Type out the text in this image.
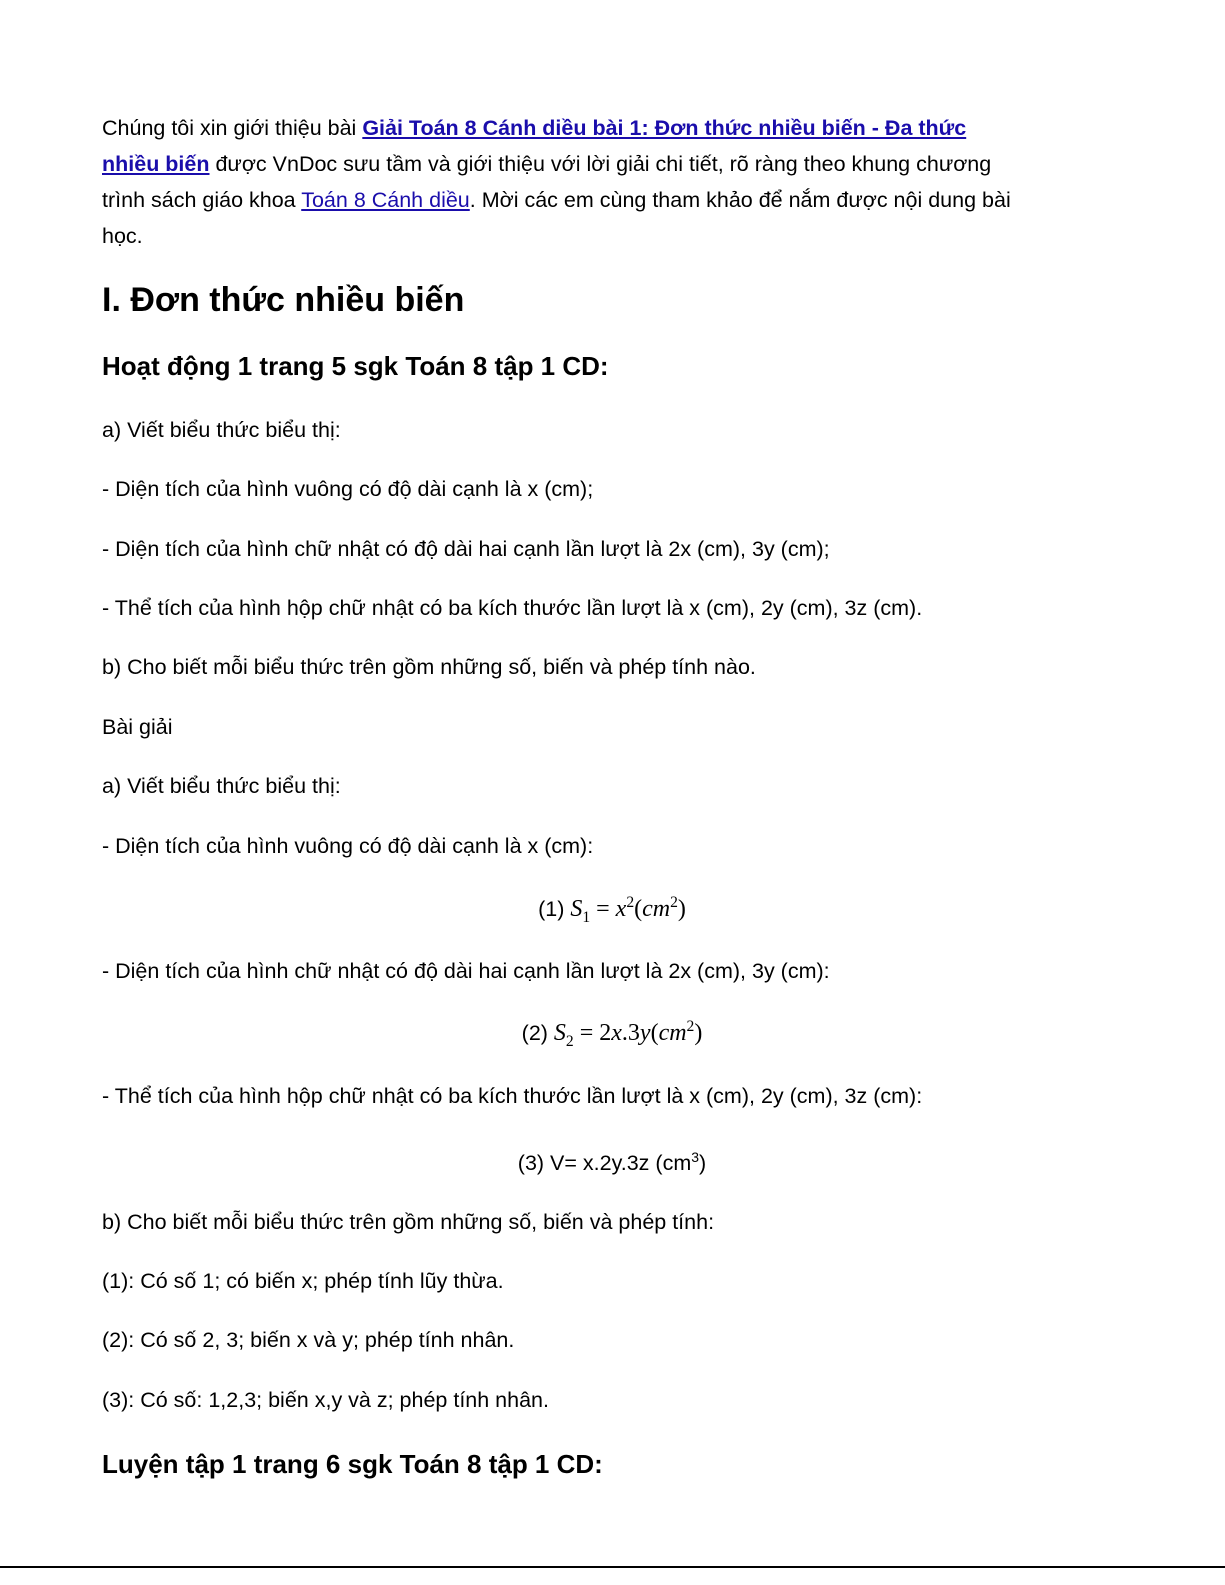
Chúng tôi xin giới thiệu bài Giải Toán 8 Cánh diều bài 1: Đơn thức nhiều biến - Đa thức
nhiều biến được VnDoc sưu tầm và giới thiệu với lời giải chi tiết, rõ ràng theo khung chương
trình sách giáo khoa Toán 8 Cánh diều. Mời các em cùng tham khảo để nắm được nội dung bài
học.
I. Đơn thức nhiều biến
Hoạt động 1 trang 5 sgk Toán 8 tập 1 CD:
a) Viết biểu thức biểu thị:
- Diện tích của hình vuông có độ dài cạnh là x (cm);
- Diện tích của hình chữ nhật có độ dài hai cạnh lần lượt là 2x (cm), 3y (cm);
- Thể tích của hình hộp chữ nhật có ba kích thước lần lượt là x (cm), 2y (cm), 3z (cm).
b) Cho biết mỗi biểu thức trên gồm những số, biến và phép tính nào.
Bài giải
a) Viết biểu thức biểu thị:
- Diện tích của hình vuông có độ dài cạnh là x (cm):
(1) $S_1 = x^2(cm^2)$
- Diện tích của hình chữ nhật có độ dài hai cạnh lần lượt là 2x (cm), 3y (cm):
(2) $S_2 = 2x.3y(cm^2)$
- Thể tích của hình hộp chữ nhật có ba kích thước lần lượt là x (cm), 2y (cm), 3z (cm):
(3) V= x.2y.3z $(cm^3)$
b) Cho biết mỗi biểu thức trên gồm những số, biến và phép tính:
(1): Có số 1; có biến x; phép tính lũy thừa.
(2): Có số 2, 3; biến x và y; phép tính nhân.
(3): Có số: 1,2,3; biến x,y và z; phép tính nhân.
Luyện tập 1 trang 6 sgk Toán 8 tập 1 CD:
